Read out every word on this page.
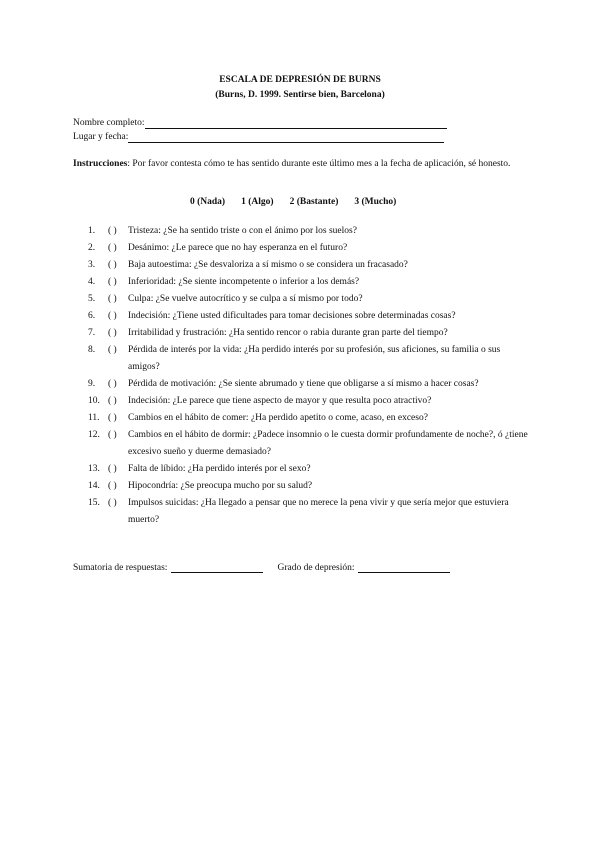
ESCALA DE DEPRESIÓN DE BURNS
(Burns, D. 1999. Sentirse bien, Barcelona)
Nombre completo:
Lugar y fecha:
Instrucciones: Por favor contesta cómo te has sentido durante este último mes a la fecha de aplicación, sé honesto.
0 (Nada) 1 (Algo) 2 (Bastante) 3 (Mucho)
1.	( )	Tristeza: ¿Se ha sentido triste o con el ánimo por los suelos?
2.	( )	Desánimo: ¿Le parece que no hay esperanza en el futuro?
3.	( )	Baja autoestima: ¿Se desvaloriza a sí mismo o se considera un fracasado?
4.	( )	Inferioridad: ¿Se siente incompetente o inferior a los demás?
5.	( )	Culpa: ¿Se vuelve autocrítico y se culpa a sí mismo por todo?
6.	( )	Indecisión: ¿Tiene usted dificultades para tomar decisiones sobre determinadas cosas?
7.	( )	Irritabilidad y frustración: ¿Ha sentido rencor o rabia durante gran parte del tiempo?
8.	( )	Pérdida de interés por la vida: ¿Ha perdido interés por su profesión, sus aficiones, su familia o sus amigos?
9.	( )	Pérdida de motivación: ¿Se siente abrumado y tiene que obligarse a sí mismo a hacer cosas?
10. ( )	Indecisión: ¿Le parece que tiene aspecto de mayor y que resulta poco atractivo?
11. ( )	Cambios en el hábito de comer: ¿Ha perdido apetito o come, acaso, en exceso?
12. ( )	Cambios en el hábito de dormir: ¿Padece insomnio o le cuesta dormir profundamente de noche?, ó ¿tiene excesivo sueño y duerme demasiado?
13. ( )	Falta de líbido: ¿Ha perdido interés por el sexo?
14. ( )	Hipocondría: ¿Se preocupa mucho por su salud?
15. ( )	Impulsos suicidas: ¿Ha llegado a pensar que no merece la pena vivir y que sería mejor que estuviera muerto?
Sumatoria de respuestas:	Grado de depresión:
